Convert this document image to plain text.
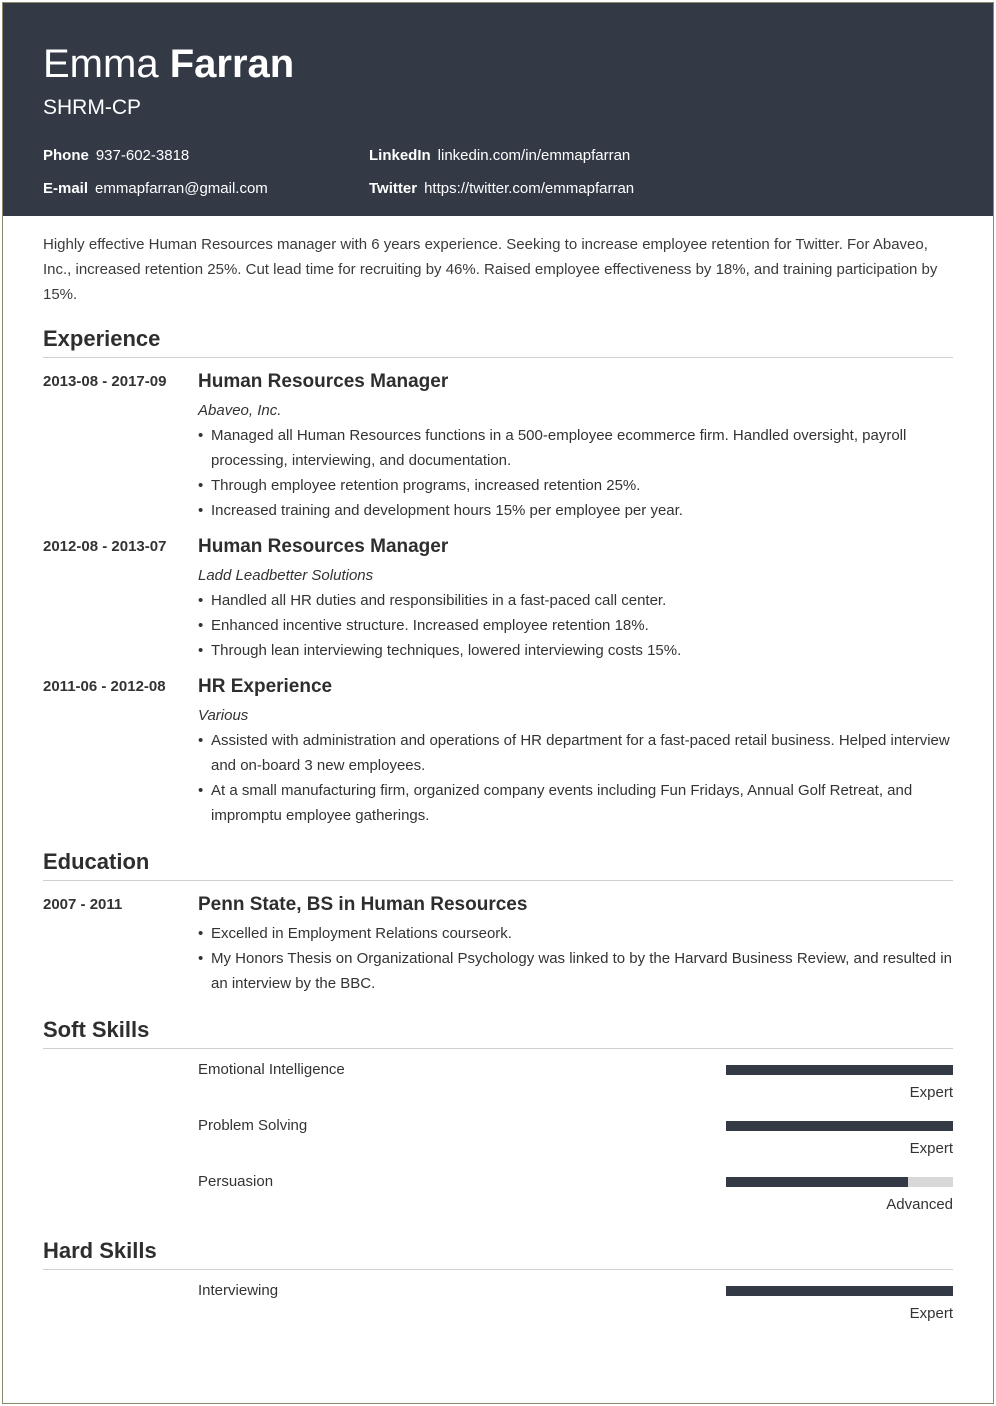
Emma Farran
SHRM-CP
Phone 937-602-3818
E-mail emmapfarran@gmail.com
LinkedIn linkedin.com/in/emmapfarran
Twitter https://twitter.com/emmapfarran
Highly effective Human Resources manager with 6 years experience. Seeking to increase employee retention for Twitter. For Abaveo, Inc., increased retention 25%. Cut lead time for recruiting by 46%. Raised employee effectiveness by 18%, and training participation by 15%.
Experience
2013-08 - 2017-09 Human Resources Manager
Abaveo, Inc.
• Managed all Human Resources functions in a 500-employee ecommerce firm. Handled oversight, payroll processing, interviewing, and documentation.
• Through employee retention programs, increased retention 25%.
• Increased training and development hours 15% per employee per year.
2012-08 - 2013-07 Human Resources Manager
Ladd Leadbetter Solutions
• Handled all HR duties and responsibilities in a fast-paced call center.
• Enhanced incentive structure. Increased employee retention 18%.
• Through lean interviewing techniques, lowered interviewing costs 15%.
2011-06 - 2012-08 HR Experience
Various
• Assisted with administration and operations of HR department for a fast-paced retail business. Helped interview and on-board 3 new employees.
• At a small manufacturing firm, organized company events including Fun Fridays, Annual Golf Retreat, and impromptu employee gatherings.
Education
2007 - 2011	Penn State, BS in Human Resources
• Excelled in Employment Relations courseork.
• My Honors Thesis on Organizational Psychology was linked to by the Harvard Business Review, and resulted in an interview by the BBC.
Soft Skills
Emotional Intelligence
Expert
Problem Solving
Expert
Persuasion
Advanced
Hard Skills
Interviewing
Expert
